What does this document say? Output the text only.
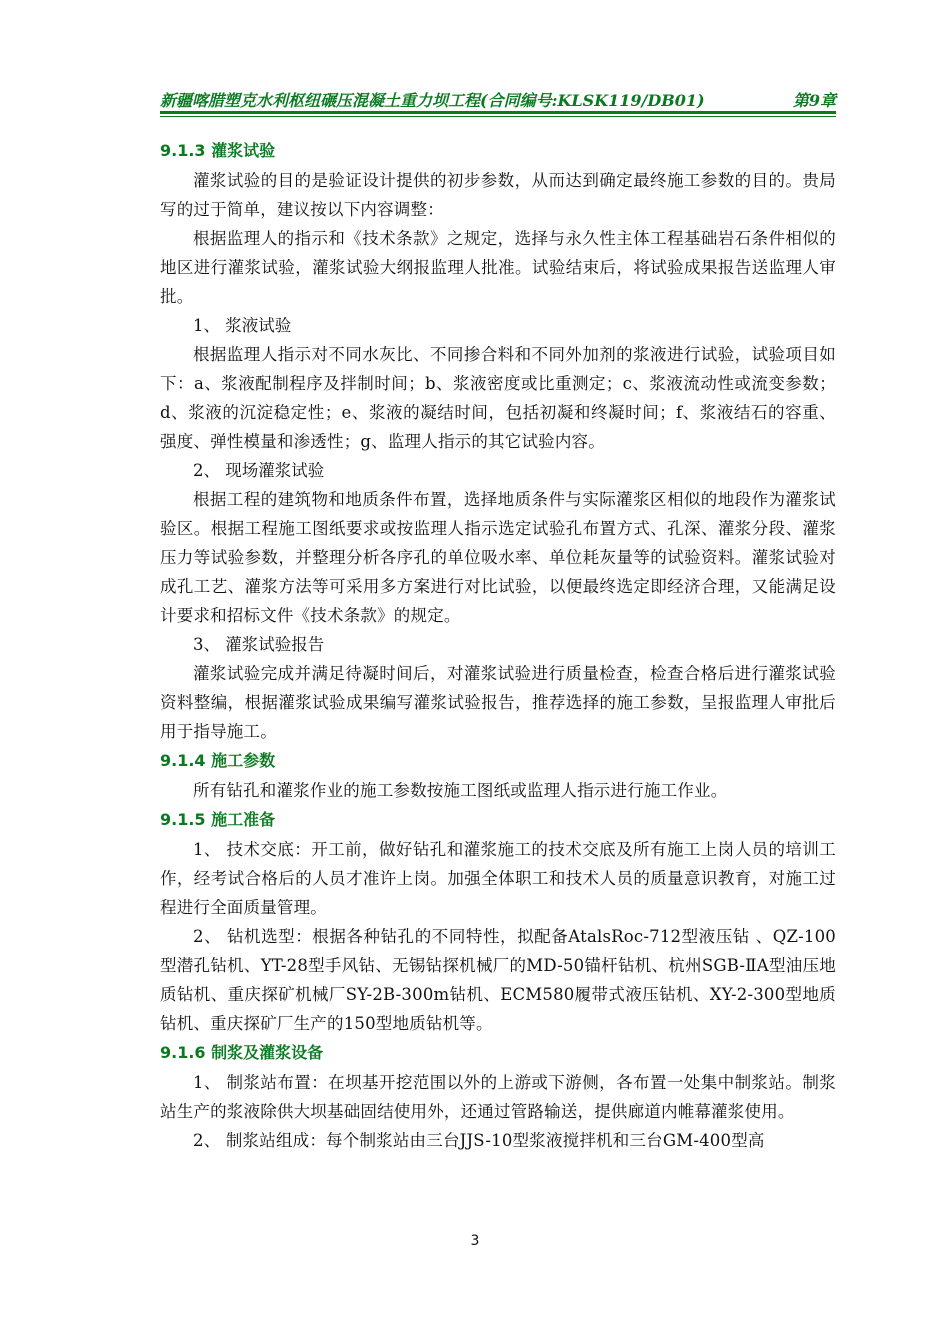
新疆喀腊塑克水利枢纽碾压混凝土重力坝工程(合同编号:KLSK119/DB01)	第9章
9.1.3 灌浆试验

灌浆试验的目的是验证设计提供的初步参数，从而达到确定最终施工参数的目的。贵局写的过于简单，建议按以下内容调整：

根据监理人的指示和《技术条款》之规定，选择与永久性主体工程基础岩石条件相似的地区进行灌浆试验，灌浆试验大纲报监理人批准。试验结束后，将试验成果报告送监理人审批。

1、 浆液试验

根据监理人指示对不同水灰比、不同掺合料和不同外加剂的浆液进行试验，试验项目如下：a、浆液配制程序及拌制时间；b、浆液密度或比重测定；c、浆液流动性或流变参数；d、浆液的沉淀稳定性；e、浆液的凝结时间，包括初凝和终凝时间；f、浆液结石的容重、强度、弹性模量和渗透性；g、监理人指示的其它试验内容。

2、 现场灌浆试验

根据工程的建筑物和地质条件布置，选择地质条件与实际灌浆区相似的地段作为灌浆试验区。根据工程施工图纸要求或按监理人指示选定试验孔布置方式、孔深、灌浆分段、灌浆压力等试验参数，并整理分析各序孔的单位吸水率、单位耗灰量等的试验资料。灌浆试验对成孔工艺、灌浆方法等可采用多方案进行对比试验，以便最终选定即经济合理，又能满足设计要求和招标文件《技术条款》的规定。

3、 灌浆试验报告

灌浆试验完成并满足待凝时间后，对灌浆试验进行质量检查，检查合格后进行灌浆试验资料整编，根据灌浆试验成果编写灌浆试验报告，推荐选择的施工参数，呈报监理人审批后用于指导施工。

9.1.4 施工参数

所有钻孔和灌浆作业的施工参数按施工图纸或监理人指示进行施工作业。

9.1.5 施工准备

1、 技术交底：开工前，做好钻孔和灌浆施工的技术交底及所有施工上岗人员的培训工作，经考试合格后的人员才准许上岗。加强全体职工和技术人员的质量意识教育，对施工过程进行全面质量管理。

2、 钻机选型：根据各种钻孔的不同特性，拟配备AtalsRoc-712型液压钻 、QZ-100型潜孔钻机、YT-28型手风钻、无锡钻探机械厂的MD-50锚杆钻机、杭州SGB-ⅡA型油压地质钻机、重庆探矿机械厂SY-2B-300m钻机、ECM580履带式液压钻机、XY-2-300型地质钻机、重庆探矿厂生产的150型地质钻机等。

9.1.6 制浆及灌浆设备

1、 制浆站布置：在坝基开挖范围以外的上游或下游侧，各布置一处集中制浆站。制浆站生产的浆液除供大坝基础固结使用外，还通过管路输送，提供廊道内帷幕灌浆使用。

2、 制浆站组成：每个制浆站由三台JJS-10型浆液搅拌机和三台GM-400型高

3
